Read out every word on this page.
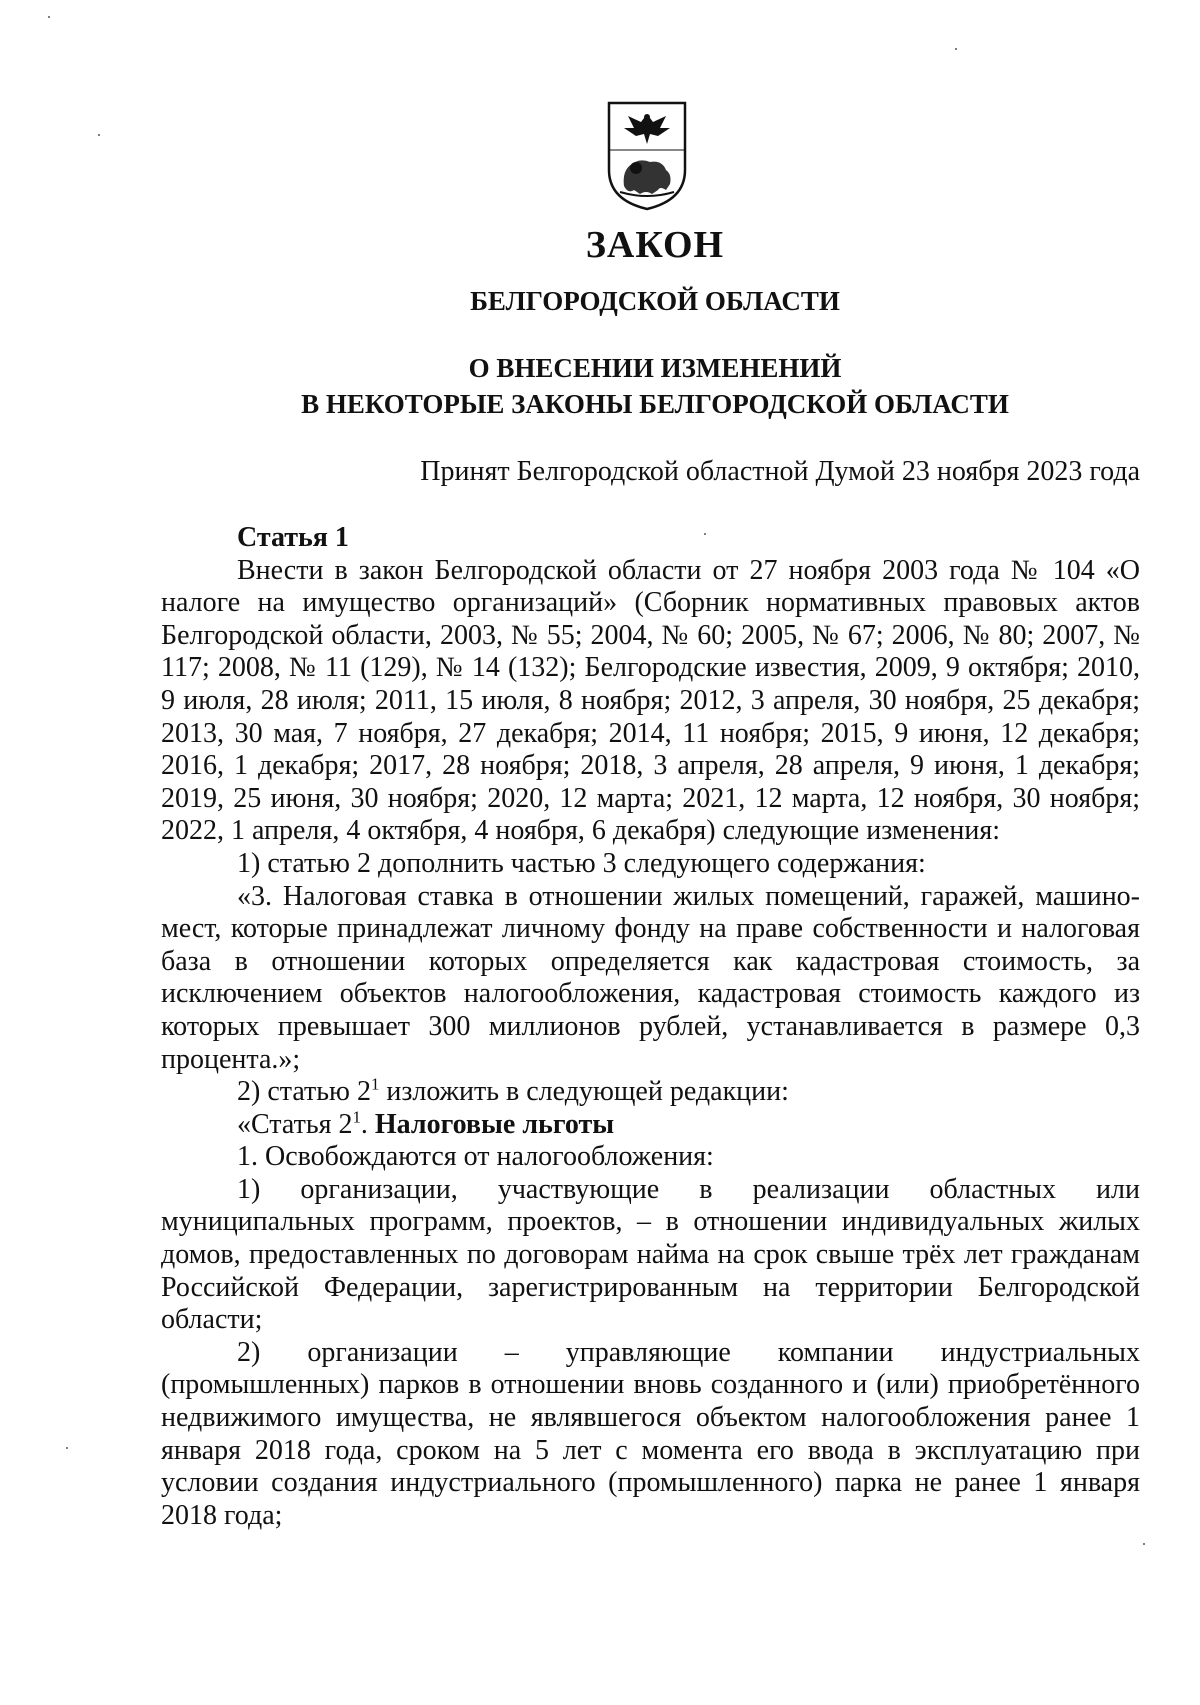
ЗАКОН
БЕЛГОРОДСКОЙ ОБЛАСТИ
О ВНЕСЕНИИ ИЗМЕНЕНИЙ
В НЕКОТОРЫЕ ЗАКОНЫ БЕЛГОРОДСКОЙ ОБЛАСТИ
Принят Белгородской областной Думой 23 ноября 2023 года

Статья 1

Внести в закон Белгородской области от 27 ноября 2003 года № 104 «О налоге на имущество организаций» (Сборник нормативных правовых актов Белгородской области, 2003, № 55; 2004, № 60; 2005, № 67; 2006, № 80; 2007, № 117; 2008, № 11 (129), № 14 (132); Белгородские известия, 2009, 9 октября; 2010, 9 июля, 28 июля; 2011, 15 июля, 8 ноября; 2012, 3 апреля, 30 ноября, 25 декабря; 2013, 30 мая, 7 ноября, 27 декабря; 2014, 11 ноября; 2015, 9 июня, 12 декабря; 2016, 1 декабря; 2017, 28 ноября; 2018, 3 апреля, 28 апреля, 9 июня, 1 декабря; 2019, 25 июня, 30 ноября; 2020, 12 марта; 2021, 12 марта, 12 ноября, 30 ноября; 2022, 1 апреля, 4 октября, 4 ноября, 6 декабря) следующие изменения:

1) статью 2 дополнить частью 3 следующего содержания:

«3. Налоговая ставка в отношении жилых помещений, гаражей, машино-мест, которые принадлежат личному фонду на праве собственности и налоговая база в отношении которых определяется как кадастровая стоимость, за исключением объектов налогообложения, кадастровая стоимость каждого из которых превышает 300 миллионов рублей, устанавливается в размере 0,3 процента.»;

2) статью $2^1$ изложить в следующей редакции:

«Статья $2^1$. Налоговые льготы

1. Освобождаются от налогообложения:

1) организации, участвующие в реализации областных или муниципальных программ, проектов, – в отношении индивидуальных жилых домов, предоставленных по договорам найма на срок свыше трёх лет гражданам Российской Федерации, зарегистрированным на территории Белгородской области;

2) организации – управляющие компании индустриальных (промышленных) парков в отношении вновь созданного и (или) приобретённого недвижимого имущества, не являвшегося объектом налогообложения ранее 1 января 2018 года, сроком на 5 лет с момента его ввода в эксплуатацию при условии создания индустриального (промышленного) парка не ранее 1 января 2018 года;
